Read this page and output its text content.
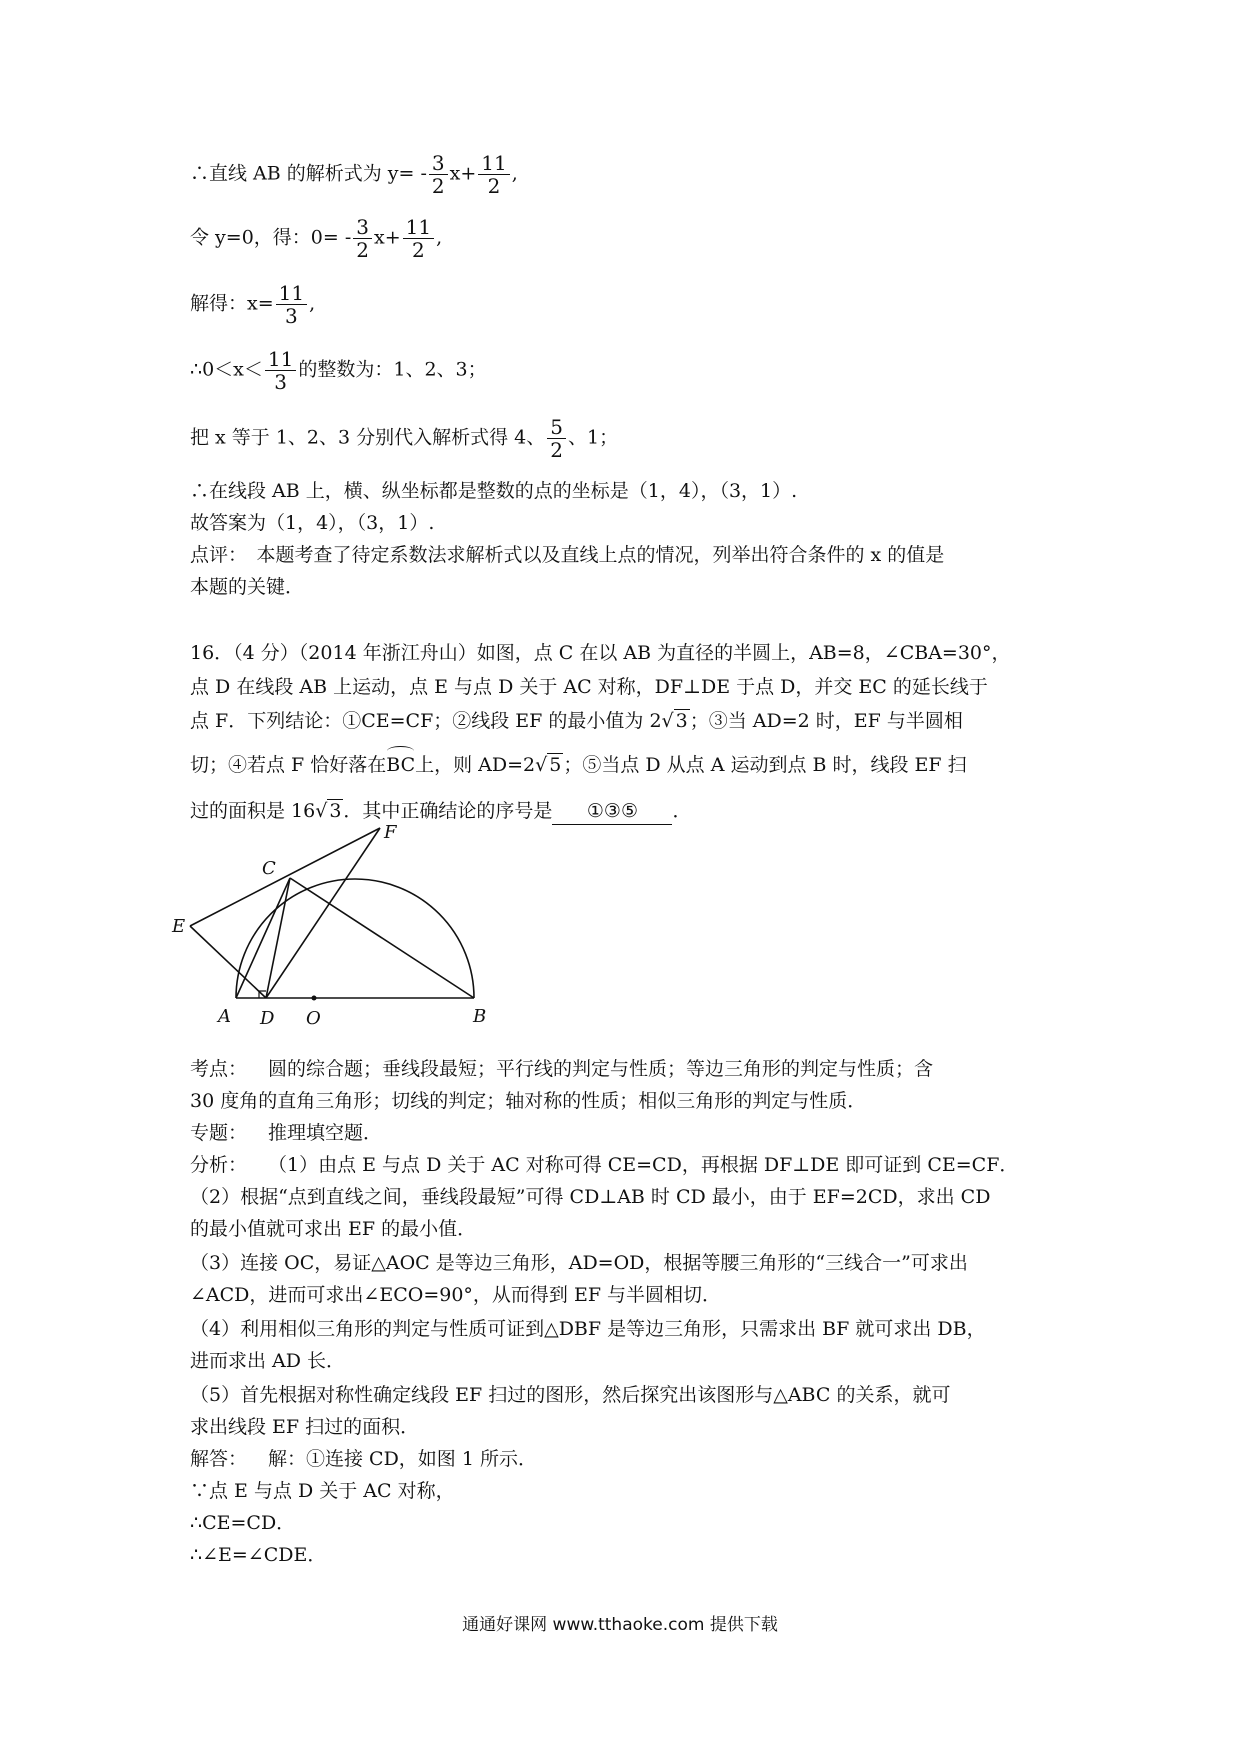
∴直线 AB 的解析式为 $y= - \frac{3}{2} x+ \frac{11}{2}$ ,
令 y=0，得：$0= - \frac{3}{2} x+ \frac{11}{2}$ ,
解得：$x= \frac{11}{3}$ ,
∴0＜x＜ $\frac{11}{3}$ 的整数为：1、2、3；
把 x 等于 1、2、3 分别代入解析式得 4、 $\frac{5}{2}$ 、1；
∴在线段 AB 上，横、纵坐标都是整数的点的坐标是（1，4），（3，1）.
故答案为（1，4），（3，1）.
点评：　本题考查了待定系数法求解析式以及直线上点的情况，列举出符合条件的 x 的值是
本题的关键．
16．（4 分）（2014 年浙江舟山）如图，点 C 在以 AB 为直径的半圆上，AB=8，∠CBA=30°，
点 D 在线段 AB 上运动，点 E 与点 D 关于 AC 对称，DF⊥DE 于点 D，并交 EC 的延长线于
点 F．下列结论：①CE=CF；②线段 EF 的最小值为 2√ 3 ；③当 AD=2 时，EF 与半圆相
切；④若点 F 恰好落在BC上，则 AD=2√ 5 ；⑤当点 D 从点 A 运动到点 B 时，线段 EF 扫
过的面积是 16√ 3 ．其中正确结论的序号是 ①③⑤ ．
C
F
E
A D O	B
考点： 圆的综合题；垂线段最短；平行线的判定与性质；等边三角形的判定与性质；含
30 度角的直角三角形；切线的判定；轴对称的性质；相似三角形的判定与性质．
专题： 推理填空题．
分析： （1）由点 E 与点 D 关于 AC 对称可得 CE=CD，再根据 DF⊥DE 即可证到 CE=CF．
（2）根据“点到直线之间，垂线段最短”可得 CD⊥AB 时 CD 最小，由于 EF=2CD，求出 CD
的最小值就可求出 EF 的最小值．
（3）连接 OC，易证△AOC 是等边三角形，AD=OD，根据等腰三角形的“三线合一”可求出
∠ACD，进而可求出∠ECO=90°，从而得到 EF 与半圆相切．
（4）利用相似三角形的判定与性质可证到△DBF 是等边三角形，只需求出 BF 就可求出 DB，
进而求出 AD 长．
（5）首先根据对称性确定线段 EF 扫过的图形，然后探究出该图形与△ABC 的关系，就可
求出线段 EF 扫过的面积．
解答： 解：①连接 CD，如图 1 所示．
∵点 E 与点 D 关于 AC 对称，
∴CE=CD．
∴∠E=∠CDE．
通通好课网 www.tthaoke.com 提供下载
